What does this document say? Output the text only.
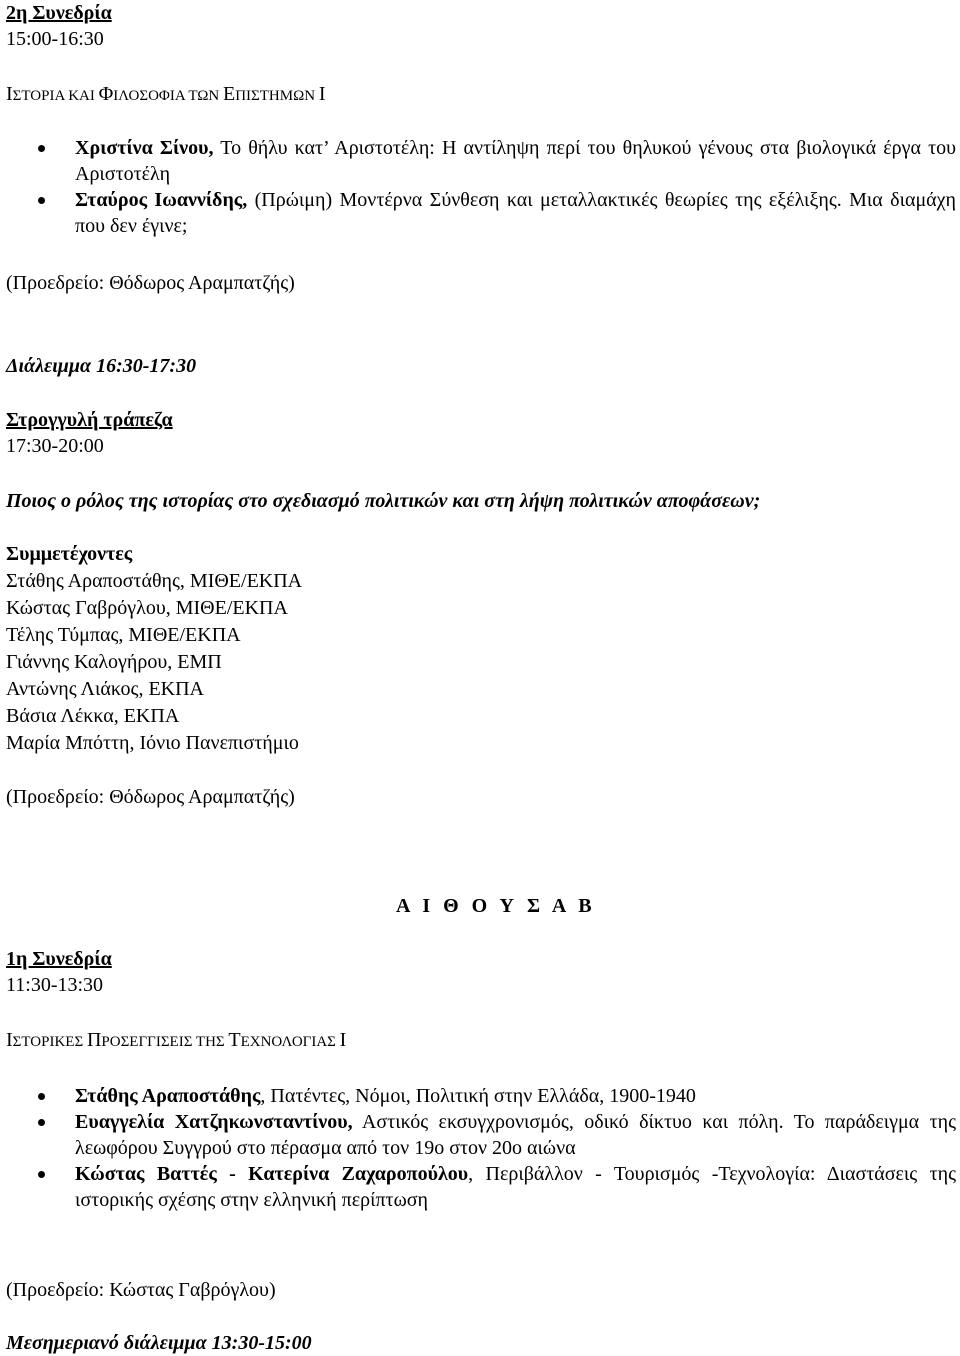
2η Συνεδρία
15:00-16:30
ΙΣΤΟΡΙΑ ΚΑΙ ΦΙΛΟΣΟΦΙΑ ΤΩΝ ΕΠΙΣΤΗΜΩΝ Ι
Χριστίνα Σίνου, Το θήλυ κατ’ Αριστοτέλη: Η αντίληψη περί του θηλυκού γένους στα βιολογικά έργα του Αριστοτέλη
Σταύρος Ιωαννίδης, (Πρώιμη) Μοντέρνα Σύνθεση και μεταλλακτικές θεωρίες της εξέλιξης. Μια διαμάχη που δεν έγινε;
(Προεδρείο: Θόδωρος Αραμπατζής)
Διάλειμμα 16:30-17:30
Στρογγυλή τράπεζα
17:30-20:00
Ποιος ο ρόλος της ιστορίας στο σχεδιασμό πολιτικών και στη λήψη πολιτικών αποφάσεων;
Συμμετέχοντες
Στάθης Αραποστάθης, ΜΙΘΕ/ΕΚΠΑ
Κώστας Γαβρόγλου, ΜΙΘΕ/ΕΚΠΑ
Τέλης Τύμπας, ΜΙΘΕ/ΕΚΠΑ
Γιάννης Καλογήρου, ΕΜΠ
Αντώνης Λιάκος, ΕΚΠΑ
Βάσια Λέκκα, ΕΚΠΑ
Μαρία Μπόττη, Ιόνιο Πανεπιστήμιο
(Προεδρείο: Θόδωρος Αραμπατζής)
Α Ι Θ Ο Υ Σ Α Β
1η Συνεδρία
11:30-13:30
ΙΣΤΟΡΙΚΕΣ ΠΡΟΣΕΓΓΙΣΕΙΣ ΤΗΣ ΤΕΧΝΟΛΟΓΙΑΣ Ι
Στάθης Αραποστάθης, Πατέντες, Νόμοι, Πολιτική στην Ελλάδα, 1900-1940
Ευαγγελία Χατζηκωνσταντίνου, Αστικός εκσυγχρονισμός, οδικό δίκτυο και πόλη. Το παράδειγμα της λεωφόρου Συγγρού στο πέρασμα από τον 19ο στον 20ο αιώνα
Κώστας Βαττές - Κατερίνα Ζαχαροπούλου, Περιβάλλον - Τουρισμός -Τεχνολογία: Διαστάσεις της ιστορικής σχέσης στην ελληνική περίπτωση
(Προεδρείο: Κώστας Γαβρόγλου)
Μεσημεριανό διάλειμμα 13:30-15:00
